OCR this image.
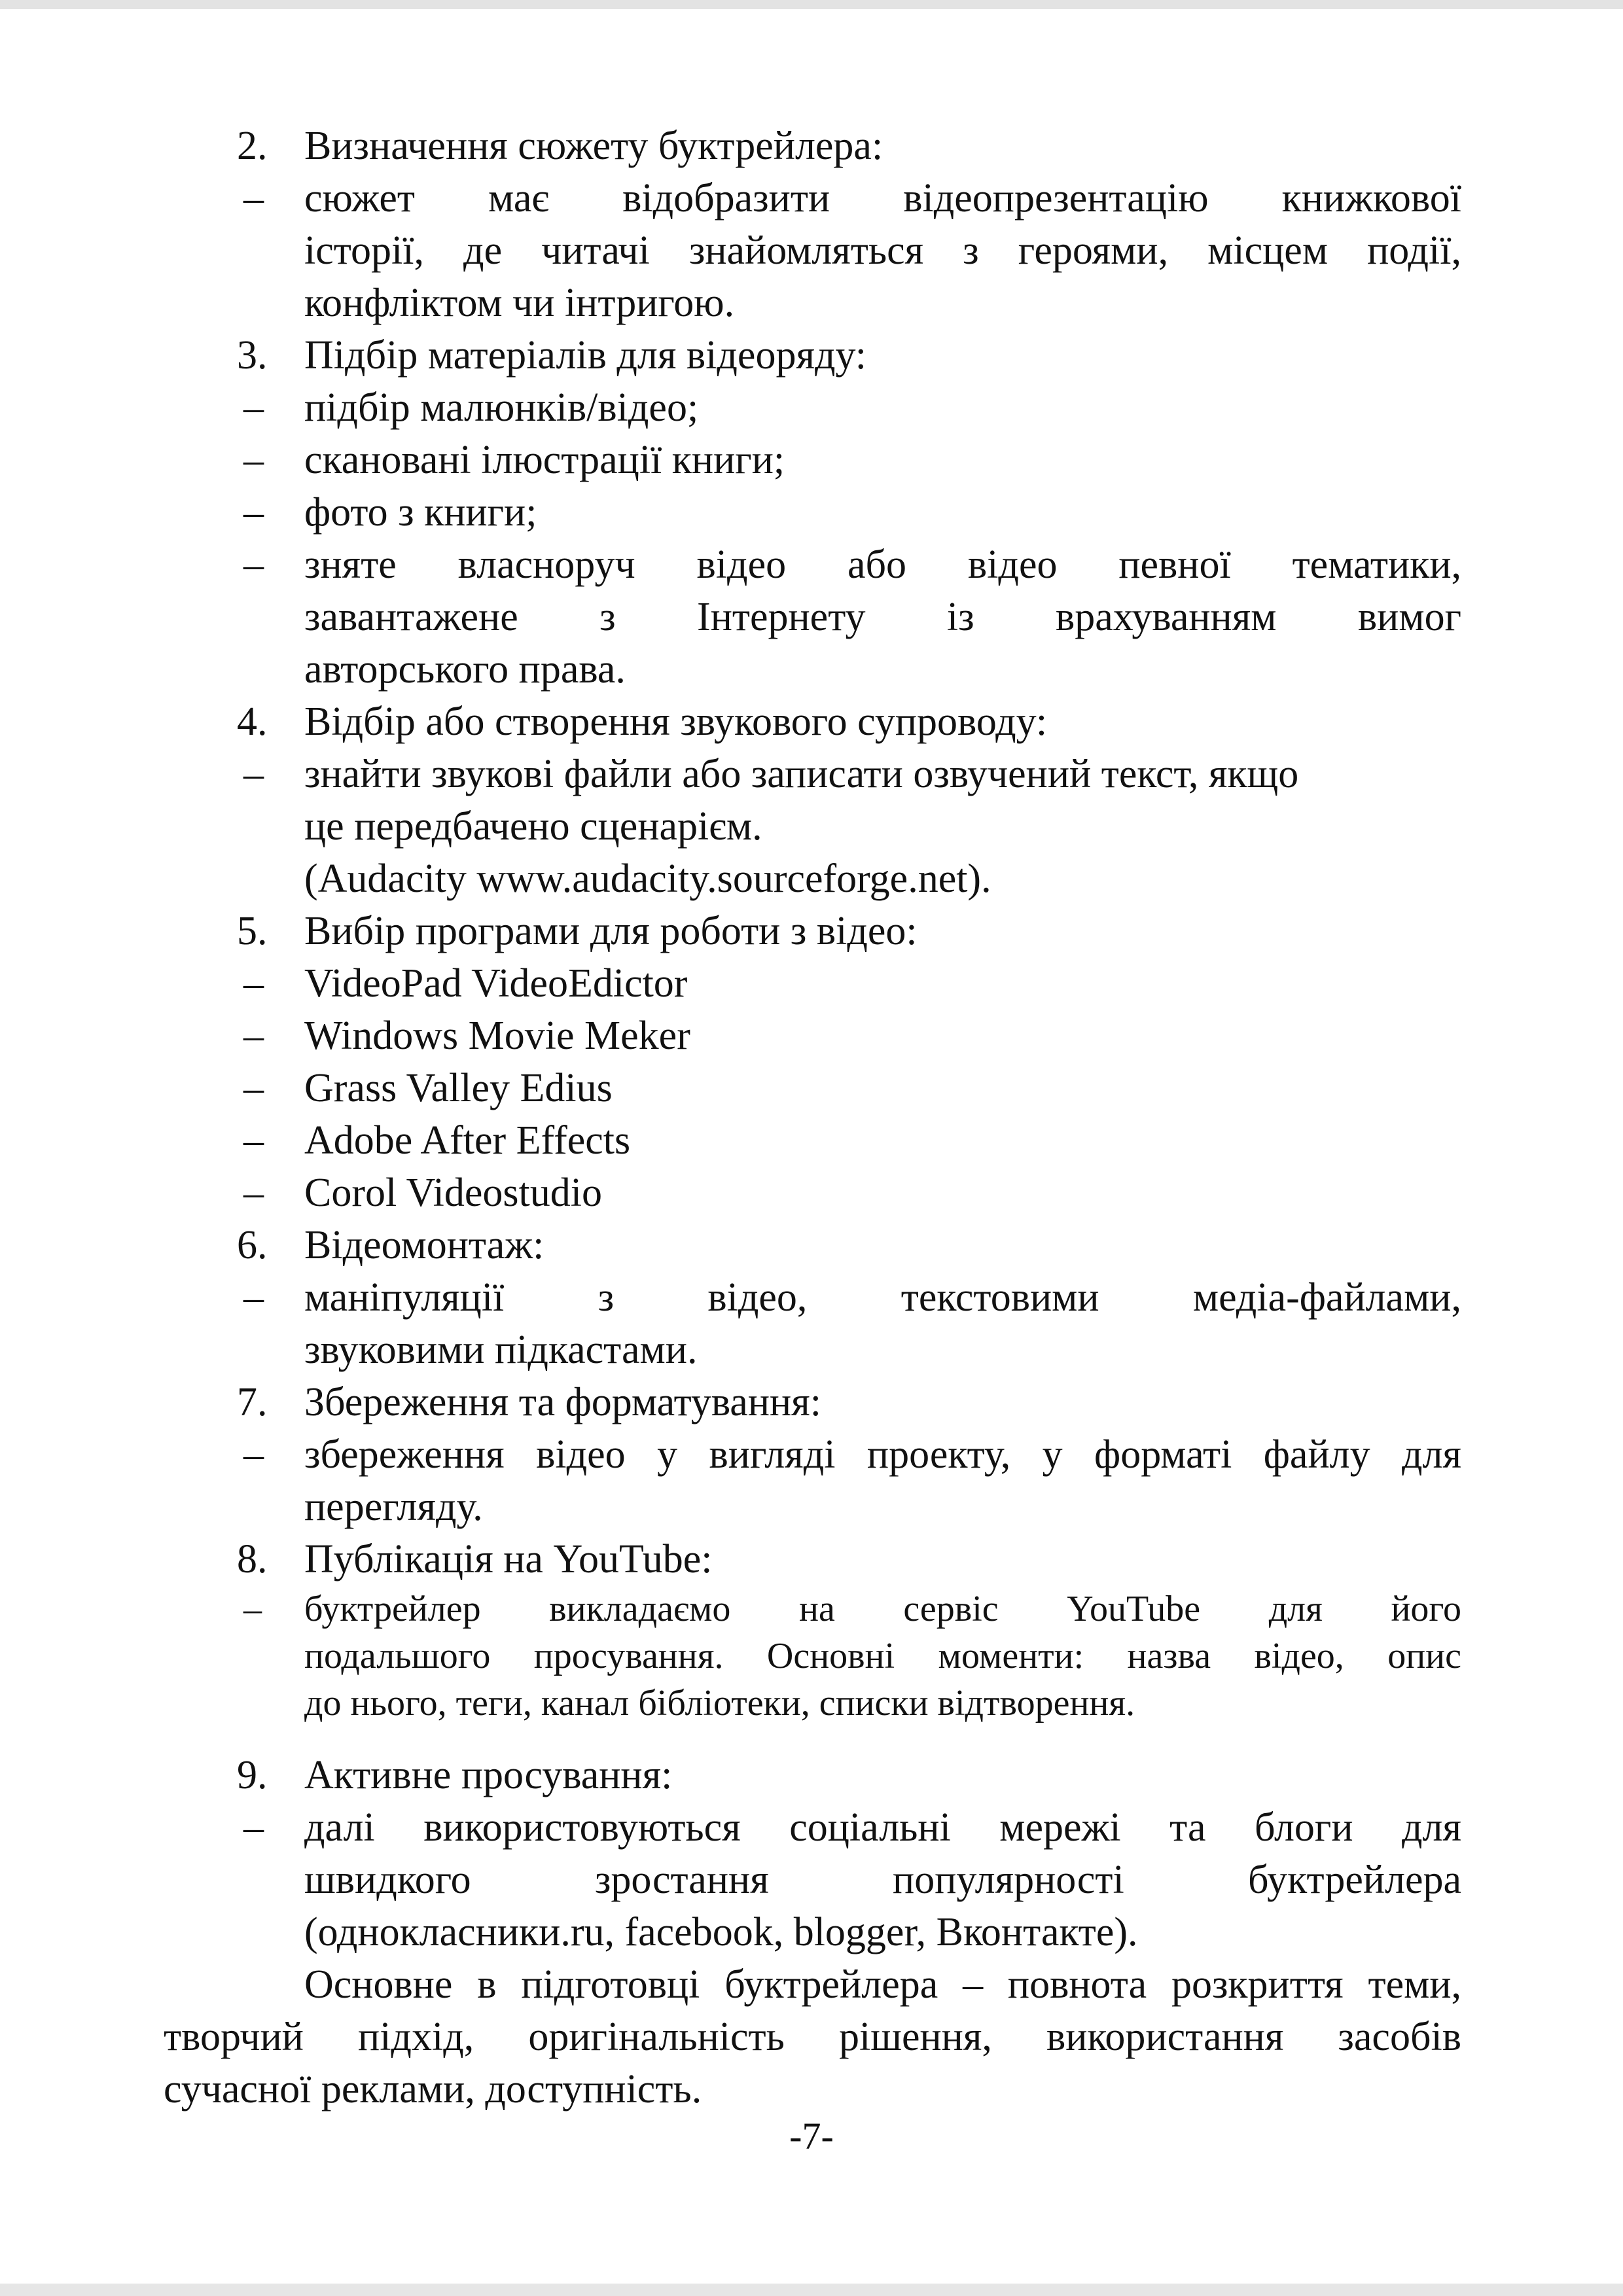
2. Визначення сюжету буктрейлера:
– сюжет має відобразити відеопрезентацію книжкової
історії, де читачі знайомляться з героями, місцем події,
конфліктом чи інтригою.
3. Підбір матеріалів для відеоряду:
– підбір малюнків/відео;
– скановані ілюстрації книги;
– фото з книги;
– зняте власноруч відео або відео певної тематики,
завантажене з Інтернету із врахуванням вимог
авторського права.
4. Відбір або створення звукового супроводу:
– знайти звукові файли або записати озвучений текст, якщо
це передбачено сценарієм.
(Audacity www.audacity.sourceforge.net).
5. Вибір програми для роботи з відео:
– VideoPad VideoEdictor
– Windows Movie Meker
– Grass Valley Edius
– Adobe After Effects
– Corol Videostudio
6. Відеомонтаж:
– маніпуляції з відео, текстовими медіа-файлами,
звуковими підкастами.
7. Збереження та форматування:
– збереження відео у вигляді проекту, у форматі файлу для
перегляду.
8. Публікація на YouTube:
– буктрейлер викладаємо на сервіс YouTube для його
подальшого просування. Основні моменти: назва відео, опис
до нього, теги, канал бібліотеки, списки відтворення.
9. Активне просування:
– далі використовуються соціальні мережі та блоги для
швидкого зростання популярності буктрейлера
(однокласники.ru, facebook, blogger, Вконтакте).
Основне в підготовці буктрейлера – повнота розкриття теми,
творчий підхід, оригінальність рішення, використання засобів
сучасної реклами, доступність.
-7-
